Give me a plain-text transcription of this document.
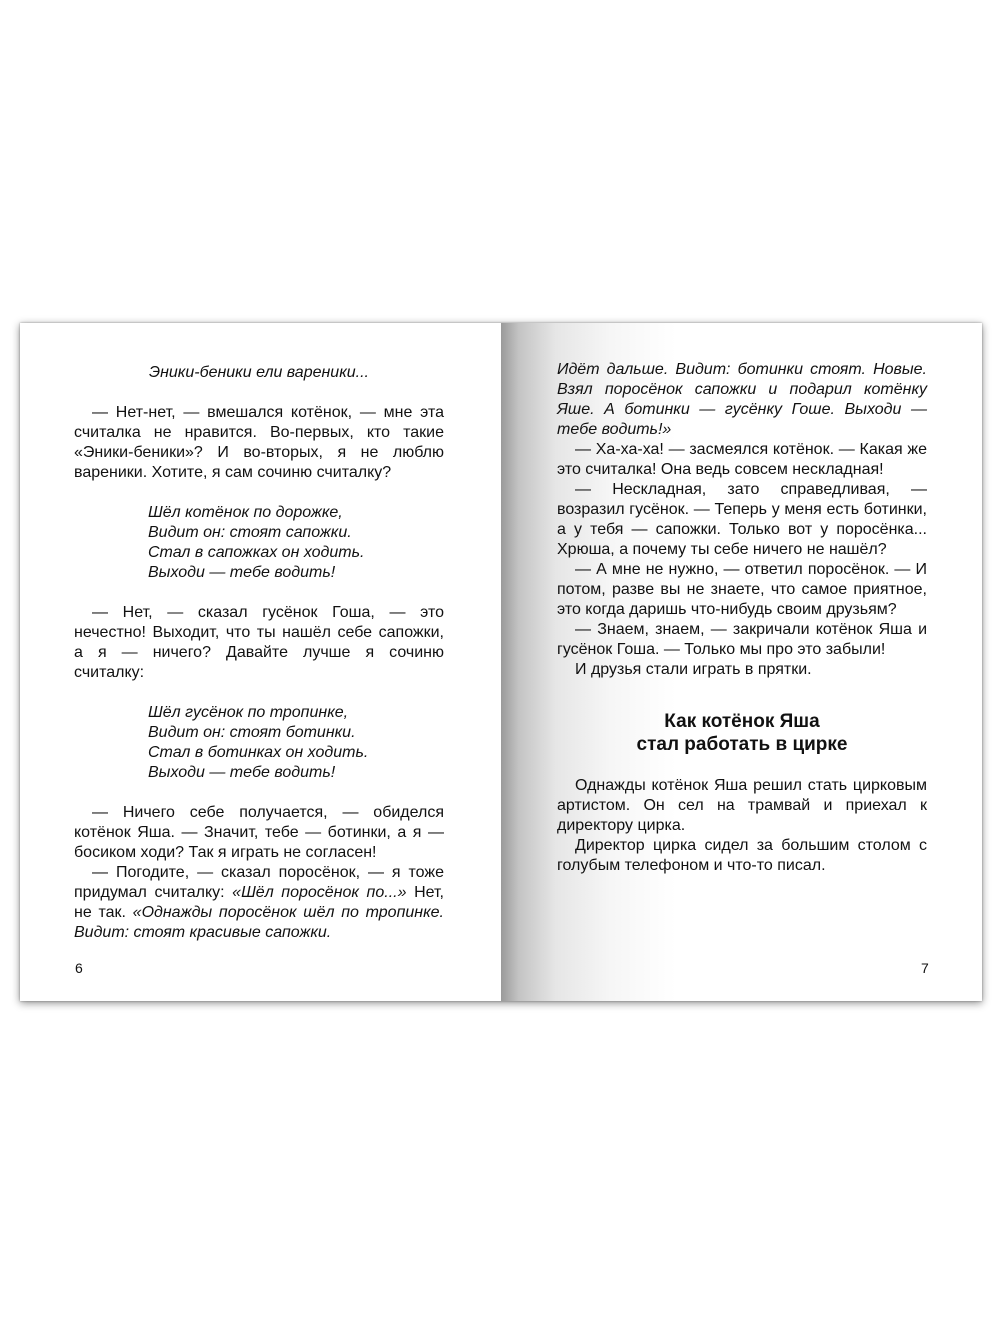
Эники-беники ели вареники...

— Нет-нет, — вмешался котёнок, — мне эта считалка не нравится. Во-первых, кто такие «Эники-беники»? И во-вторых, я не люблю вареники. Хотите, я сам сочиню считалку?

Шёл котёнок по дорожке,
Видит он: стоят сапожки.
Стал в сапожках он ходить.
Выходи — тебе водить!

— Нет, — сказал гусёнок Гоша, — это нечестно! Выходит, что ты нашёл себе сапожки, а я — ничего? Давайте лучше я сочиню считалку:

Шёл гусёнок по тропинке,
Видит он: стоят ботинки.
Стал в ботинках он ходить.
Выходи — тебе водить!

— Ничего себе получается, — обиделся котёнок Яша. — Значит, тебе — ботинки, а я — босиком ходи? Так я играть не согласен!

— Погодите, — сказал поросёнок, — я тоже придумал считалку: «Шёл поросёнок по...» Нет, не так. «Однажды поросёнок шёл по тропинке. Видит: стоят красивые сапожки.

6

Идёт дальше. Видит: ботинки стоят. Новые. Взял поросёнок сапожки и подарил котёнку Яше. А ботинки — гусёнку Гоше. Выходи — тебе водить!»

— Ха-ха-ха! — засмеялся котёнок. — Какая же это считалка! Она ведь совсем нескладная!

— Нескладная, зато справедливая, — возразил гусёнок. — Теперь у меня есть ботинки, а у тебя — сапожки. Только вот у поросёнка... Хрюша, а почему ты себе ничего не нашёл?

— А мне не нужно, — ответил поросёнок. — И потом, разве вы не знаете, что самое приятное, это когда даришь что-нибудь своим друзьям?

— Знаем, знаем, — закричали котёнок Яша и гусёнок Гоша. — Только мы про это забыли!

И друзья стали играть в прятки.

Как котёнок Яша
стал работать в цирке

Однажды котёнок Яша решил стать цирковым артистом. Он сел на трамвай и приехал к директору цирка.

Директор цирка сидел за большим столом с голубым телефоном и что-то писал.

7
